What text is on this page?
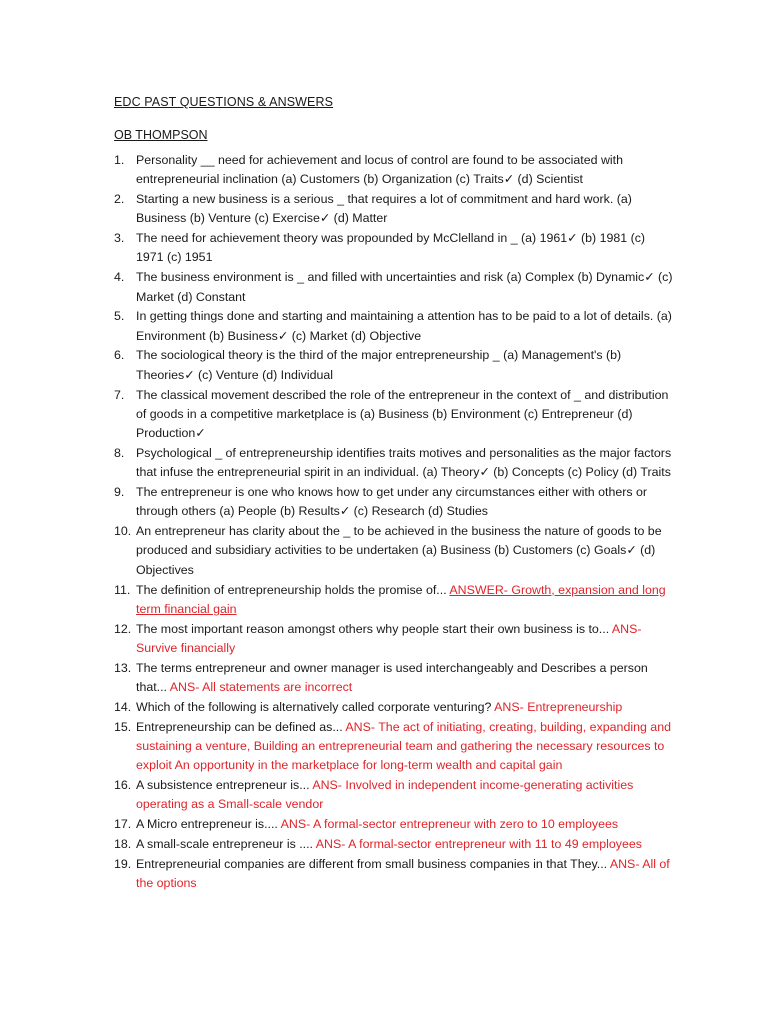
EDC PAST QUESTIONS & ANSWERS
OB THOMPSON
1. Personality __ need for achievement and locus of control are found to be associated with entrepreneurial inclination (a) Customers (b) Organization (c) Traits✓ (d) Scientist
2. Starting a new business is a serious _ that requires a lot of commitment and hard work. (a) Business (b) Venture (c) Exercise✓ (d) Matter
3. The need for achievement theory was propounded by McClelland in _ (a) 1961✓ (b) 1981 (c) 1971 (c) 1951
4. The business environment is _ and filled with uncertainties and risk (a) Complex (b) Dynamic✓ (c) Market (d) Constant
5. In getting things done and starting and maintaining a attention has to be paid to a lot of details. (a) Environment (b) Business✓ (c) Market (d) Objective
6. The sociological theory is the third of the major entrepreneurship _ (a) Management's (b) Theories✓ (c) Venture (d) Individual
7. The classical movement described the role of the entrepreneur in the context of _ and distribution of goods in a competitive marketplace is (a) Business (b) Environment (c) Entrepreneur (d) Production✓
8. Psychological _ of entrepreneurship identifies traits motives and personalities as the major factors that infuse the entrepreneurial spirit in an individual. (a) Theory✓ (b) Concepts (c) Policy (d) Traits
9. The entrepreneur is one who knows how to get under any circumstances either with others or through others (a) People (b) Results✓ (c) Research (d) Studies
10. An entrepreneur has clarity about the _ to be achieved in the business the nature of goods to be produced and subsidiary activities to be undertaken (a) Business (b) Customers (c) Goals✓ (d) Objectives
11. The definition of entrepreneurship holds the promise of... ANSWER- Growth, expansion and long term financial gain
12. The most important reason amongst others why people start their own business is to... ANS- Survive financially
13. The terms entrepreneur and owner manager is used interchangeably and Describes a person that... ANS- All statements are incorrect
14. Which of the following is alternatively called corporate venturing? ANS- Entrepreneurship
15. Entrepreneurship can be defined as... ANS- The act of initiating, creating, building, expanding and sustaining a venture, Building an entrepreneurial team and gathering the necessary resources to exploit An opportunity in the marketplace for long-term wealth and capital gain
16. A subsistence entrepreneur is... ANS- Involved in independent income-generating activities operating as a Small-scale vendor
17. A Micro entrepreneur is.... ANS- A formal-sector entrepreneur with zero to 10 employees
18. A small-scale entrepreneur is .... ANS- A formal-sector entrepreneur with 11 to 49 employees
19. Entrepreneurial companies are different from small business companies in that They... ANS- All of the options
